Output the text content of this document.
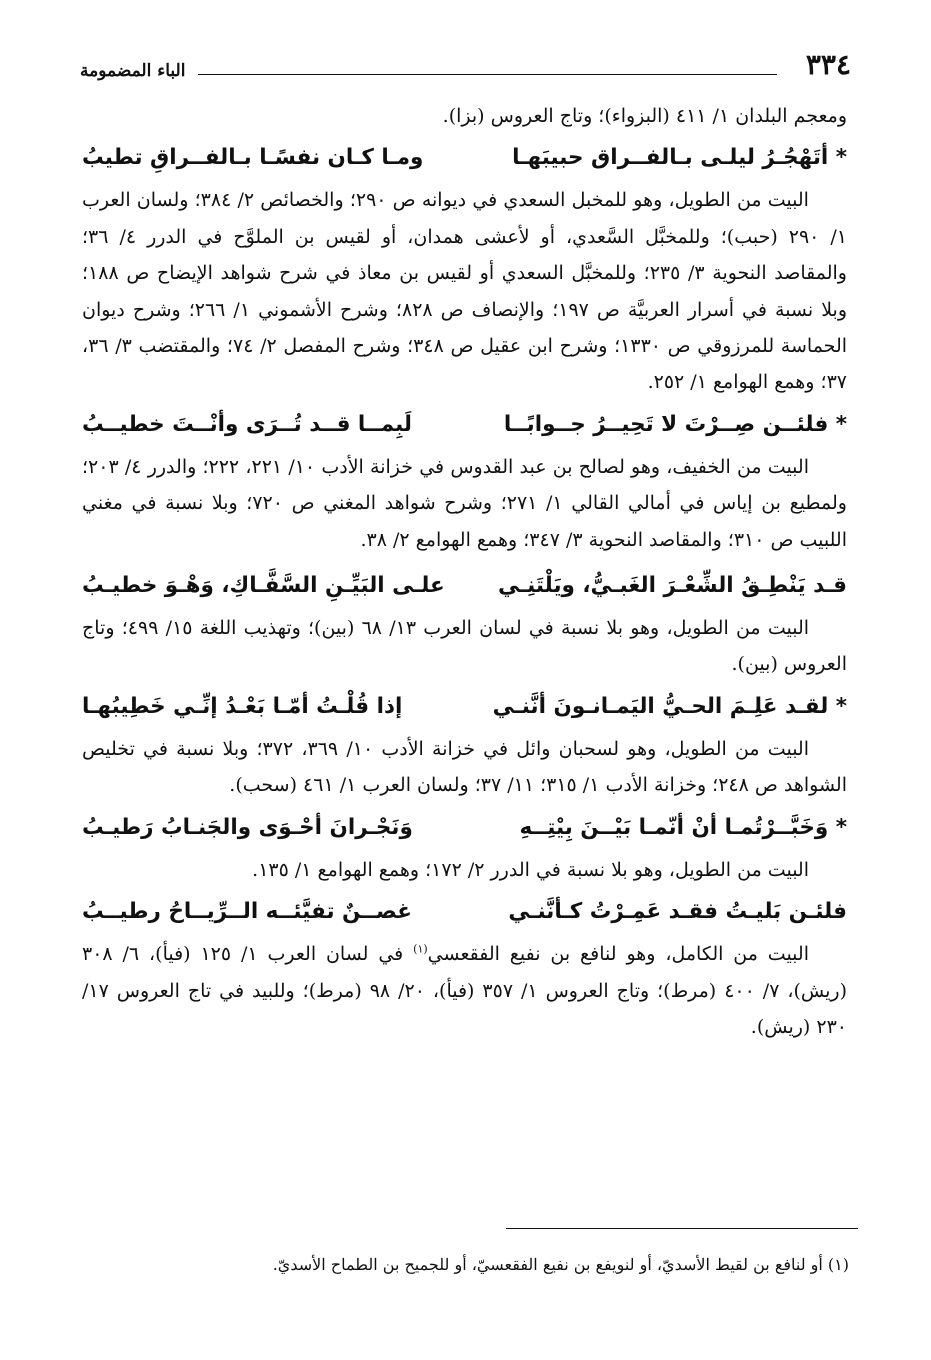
٣٣٤
الباء المضمومة

ومعجم البلدان ١/ ٤١١ (البزواء)؛ وتاج العروس (بزا).

* أتَهْجُـرُ ليلـى بـالفــراق حبيبَهـا
ومـا كـان نفسًـا بـالفــراقِ تطيبُ

البيت من الطويل، وهو للمخبل السعدي في ديوانه ص ٢٩٠؛ والخصائص ٢/ ٣٨٤؛ ولسان العرب ١/ ٢٩٠ (حبب)؛ وللمخبَّل السَّعدي، أو لأعشى همدان، أو لقيس بن الملوَّح في الدرر ٤/ ٣٦؛ والمقاصد النحوية ٣/ ٢٣٥؛ وللمخبَّل السعدي أو لقيس بن معاذ في شرح شواهد الإيضاح ص ١٨٨؛ وبلا نسبة في أسرار العربيَّة ص ١٩٧؛ والإنصاف ص ٨٢٨؛ وشرح الأشموني ١/ ٢٦٦؛ وشرح ديوان الحماسة للمرزوقي ص ١٣٣٠؛ وشرح ابن عقيل ص ٣٤٨؛ وشرح المفصل ٢/ ٧٤؛ والمقتضب ٣/ ٣٦، ٣٧؛ وهمع الهوامع ١/ ٢٥٢.

* فلئــن صِــرْتَ لا تَحِيــرُ جــوابًــا
لَبِمــا قــد تُــرَى وأنْــتَ خطيــبُ

البيت من الخفيف، وهو لصالح بن عبد القدوس في خزانة الأدب ١٠/ ٢٢١، ٢٢٢؛ والدرر ٤/ ٢٠٣؛ ولمطيع بن إياس في أمالي القالي ١/ ٢٧١؛ وشرح شواهد المغني ص ٧٢٠؛ وبلا نسبة في مغني اللبيب ص ٣١٠؛ والمقاصد النحوية ٣/ ٣٤٧؛ وهمع الهوامع ٢/ ٣٨.

قـد يَنْطِـقُ الشِّعْـرَ الغَبـيُّ، ويَلْتَنِـي
علـى البَيِّـنِ السَّفَّـاكِ، وَهْـوَ خطيـبُ

البيت من الطويل، وهو بلا نسبة في لسان العرب ١٣/ ٦٨ (بين)؛ وتهذيب اللغة ١٥/ ٤٩٩؛ وتاج العروس (بين).

* لقـد عَلِـمَ الحـيُّ اليَمـانـونَ أنَّنـي
إذا قُلْـتُ أمّـا بَعْـدُ إنِّـي خَطِيبُهـا

البيت من الطويل، وهو لسحبان وائل في خزانة الأدب ١٠/ ٣٦٩، ٣٧٢؛ وبلا نسبة في تخليص الشواهد ص ٢٤٨؛ وخزانة الأدب ١/ ٣١٥؛ ١١/ ٣٧؛ ولسان العرب ١/ ٤٦١ (سحب).

* وَخَبَّــرْتُمـا أنْ أنّمـا بَيْــنَ بِيْتِــهِ
وَنَجْـرانَ أحْـوَى والجَنـابُ رَطيـبُ

البيت من الطويل، وهو بلا نسبة في الدرر ٢/ ١٧٢؛ وهمع الهوامع ١/ ١٣٥.

فلئـن بَليـتُ فقـد عَمِـرْتُ كـأنَّنـي
غصــنٌ تفيَّئــه الــرِّيــاحُ رطيــبُ

البيت من الكامل، وهو لنافع بن نفيع الفقعسي$^{(١)}$ في لسان العرب ١/ ١٢٥ (فيأ)، ٦/ ٣٠٨ (ريش)، ٧/ ٤٠٠ (مرط)؛ وتاج العروس ١/ ٣٥٧ (فيأ)، ٢٠/ ٩٨ (مرط)؛ وللبيد في تاج العروس ١٧/ ٢٣٠ (ريش).

(١) أو لنافع بن لقيط الأسديّ، أو لنويفع بن نفيع الفقعسيّ، أو للجميح بن الطماح الأسديّ.
